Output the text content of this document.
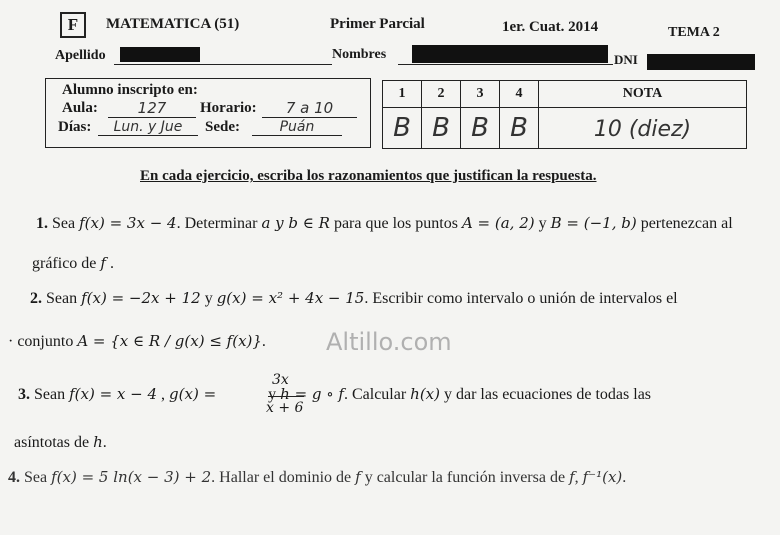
F	MATEMATICA (51)	Primer Parcial	1er. Cuat. 2014	TEMA 2
Apellido	Nombres	DNI
Alumno inscripto en:
Aula:	127	Horario:	7 a 10
Días:	Lun. y Jue	Sede:	Puán
1	2	3	4	NOTA
B	B	B	B	10 (diez)
En cada ejercicio, escriba los razonamientos que justifican la respuesta.
1. Sea f(x) = 3x − 4. Determinar a y b ∈ R para que los puntos A = (a, 2) y B = (−1, b) pertenezcan al
gráfico de f .
2. Sean f(x) = −2x + 12 y g(x) = x² + 4x − 15. Escribir como intervalo o unión de intervalos el
· conjunto A = {x ∈ R / g(x) ≤ f(x)}.	Altillo.com
3. Sean f(x) = x − 4 , g(x) =	y h = g ∘ f. Calcular h(x) y dar las ecuaciones de todas las
3x
x + 6
asíntotas de h.
4. Sea f(x) = 5 ln(x − 3) + 2. Hallar el dominio de f y calcular la función inversa de f, f⁻¹(x).
